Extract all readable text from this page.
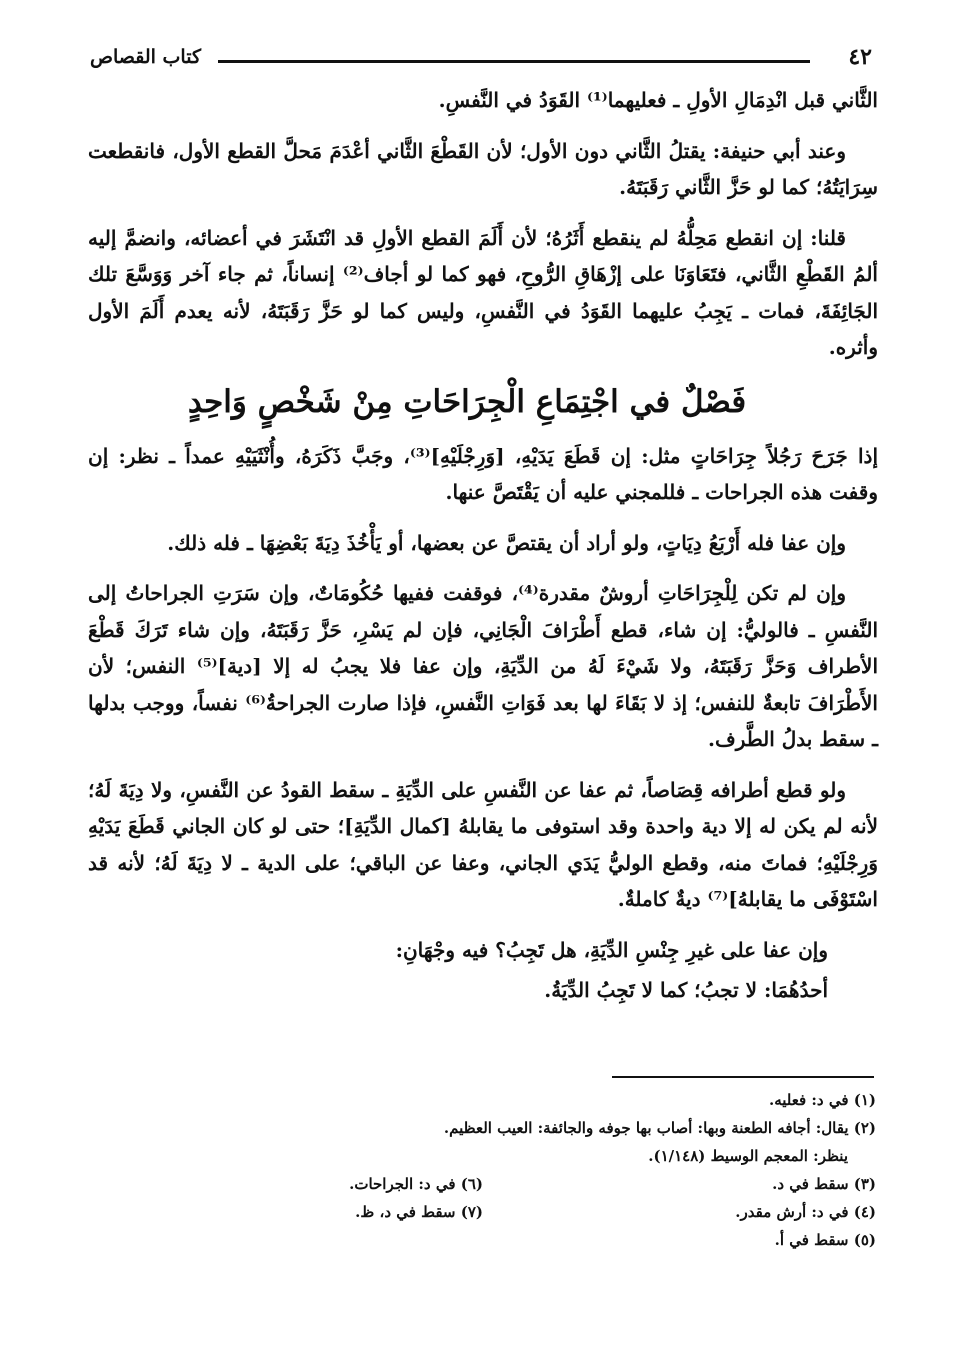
كتاب القصاص	٤٢

الثَّاني قبل انْدِمَالِ الأولِ ـ فعليهما⁽¹⁾ القَوَدُ في النَّفسِ.

وعند أبي حنيفة: يقتلُ الثَّاني دون الأول؛ لأن القَطْعَ الثَّاني أعْدَمَ مَحلَّ القطع الأول، فانقطعت سِرَايَتُهُ؛ كما لو حَزَّ الثَّاني رَقَبَتَهُ.

قلنا: إن انقطع مَحِلُّهُ لم ينقطع أَثَرُهُ؛ لأن أَلَمَ القطع الأولِ قد انْتَشَرَ في أعضائه، وانضمَّ إليه ألمُ القَطْعِ الثَّاني، فتَعَاوَنَا على إزْهَاقِ الرُّوحِ، فهو كما لو أجاف⁽²⁾ إنساناً، ثم جاء آخر وَوَسَّعَ تلك الجَائِفَةَ، فمات ـ يَجِبُ عليهما القَوَدُ في النَّفسِ، وليس كما لو حَزَّ رَقَبَتَهُ، لأنه يعدم أَلَمَ الأول وأثره.

فَصْلٌ في اجْتِمَاعِ الْجِرَاحَاتِ مِنْ شَخْصٍ وَاحِدٍ

إذا جَرَحَ رَجُلاً جِرَاحَاتٍ مثل: إن قَطَعَ يَدَيْهِ، [وَرِجْلَيْهِ]⁽³⁾، وجَبَّ ذَكَرَهُ، وأُنْثَيَيْهِ عمداً ـ نظر: إن وقفت هذه الجراحات ـ فللمجني عليه أن يَقْتَصَّ عنها.

وإن عفا فله أَرْبَعُ دِيَاتٍ، ولو أراد أن يقتصَّ عن بعضها، أو يَأْخُذَ دِيَةَ بَعْضِهَا ـ فله ذلك.

وإن لم تكن لِلْجِرَاحَاتِ أروشٌ مقدرة⁽⁴⁾، فوقفت ففيها حُكُومَاتٌ، وإن سَرَتِ الجراحاتُ إلى النَّفسِ ـ فالوليُّ: إن شاء، قطع أَطْرَافَ الْجَانِي، فإن لم يَسْرِ، حَزَّ رَقَبَتَهُ، وإن شاء تَرَكَ قَطْعَ الأطراف وَحَزَّ رَقَبَتَهُ، ولا شَيْءَ لَهُ من الدِّيَةِ، وإن عفا فلا يجبُ له إلا [دية]⁽⁵⁾ النفس؛ لأن الأَطْرَافَ تابعةٌ للنفس؛ إذ لا بَقَاءَ لها بعد فَوَاتِ النَّفسِ، فإذا صارت الجراحةُ⁽⁶⁾ نفساً، ووجب بدلها ـ سقط بدلُ الطَّرف.

ولو قطع أطرافه قِصَاصاً، ثم عفا عن النَّفسِ على الدِّيَةِ ـ سقط القودُ عن النَّفسِ، ولا دِيَةَ لَهُ؛ لأنه لم يكن له إلا دية واحدة وقد استوفى ما يقابلهُ [كمال الدِّيَةِ]؛ حتى لو كان الجاني قَطَعَ يَدَيْهِ وَرِجْلَيْهِ؛ فماتَ منه، وقطع الوليُّ يَدَي الجاني، وعفا عن الباقي؛ على الدية ـ لا دِيَةَ لَهُ؛ لأنه قد اسْتَوْفَى ما يقابلهُ]⁽⁷⁾ ديةٌ كاملةٌ.

وإن عفا على غيرِ جِنْسِ الدِّيَةِ، هل تَجِبُ؟ فيه وجْهَانِ:

أحدُهُمَا: لا تجبُ؛ كما لا تَجِبُ الدِّيَةُ.

(١) في د: فعليه.
(٢) يقال: أجافه الطعنة وبها: أصاب بها جوفه والجائفة: العيب العظيم.
ينظر: المعجم الوسيط (١/١٤٨).
(٣) سقط في د.
(٦) في د: الجراحات.
(٤) في د: أرش مقدر.
(٧) سقط في د، ظ.
(٥) سقط في أ.
